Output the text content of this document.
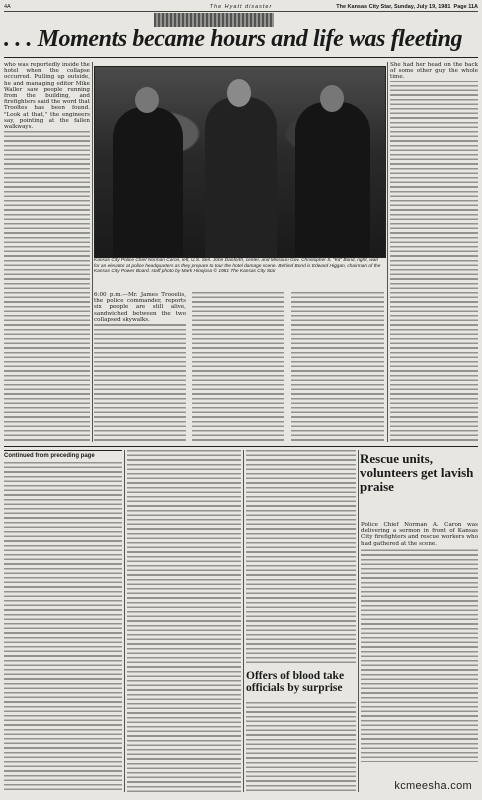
4A	The Hyatt disaster	The Kansas City Star, Sunday, July 19, 1981 Page 11A
. . . Moments became hours and life was fleeting

who was reportedly inside the hotel when the collapse occurred. Pulling up outside, he and managing editor Mike Waller saw people running from the building, and firefighters said the word that Trooltes has been found. "Look at that," the engineers say, pointing at the fallen walkways.

Kansas City Police Chief Norman Caron, left, U.S. Sen. John Danforth, center, and Missouri Gov. Christopher S. "Kit" Bond, right, wait for an elevator at police headquarters as they prepare to tour the hotel damage scene. Behind Bond is Edward Higgan, chairman of the Kansas City Power Board. staff photo by Mark Hinojosa © 1981 The Kansas City Star

She had her head on the back of some other guy the whole time.

6:00 p.m.—Mr. James Trooelis, the police commander, reports six people are still alive, sandwiched between the two collapsed skywalks.

Continued from preceding page
Offers of blood take officials by surprise
Rescue units, volunteers get lavish praise

Police Chief Norman A. Caron was delivering a sermon in front of Kansas City firefighters and rescue workers who had gathered at the scene.

kcmeesha.com
